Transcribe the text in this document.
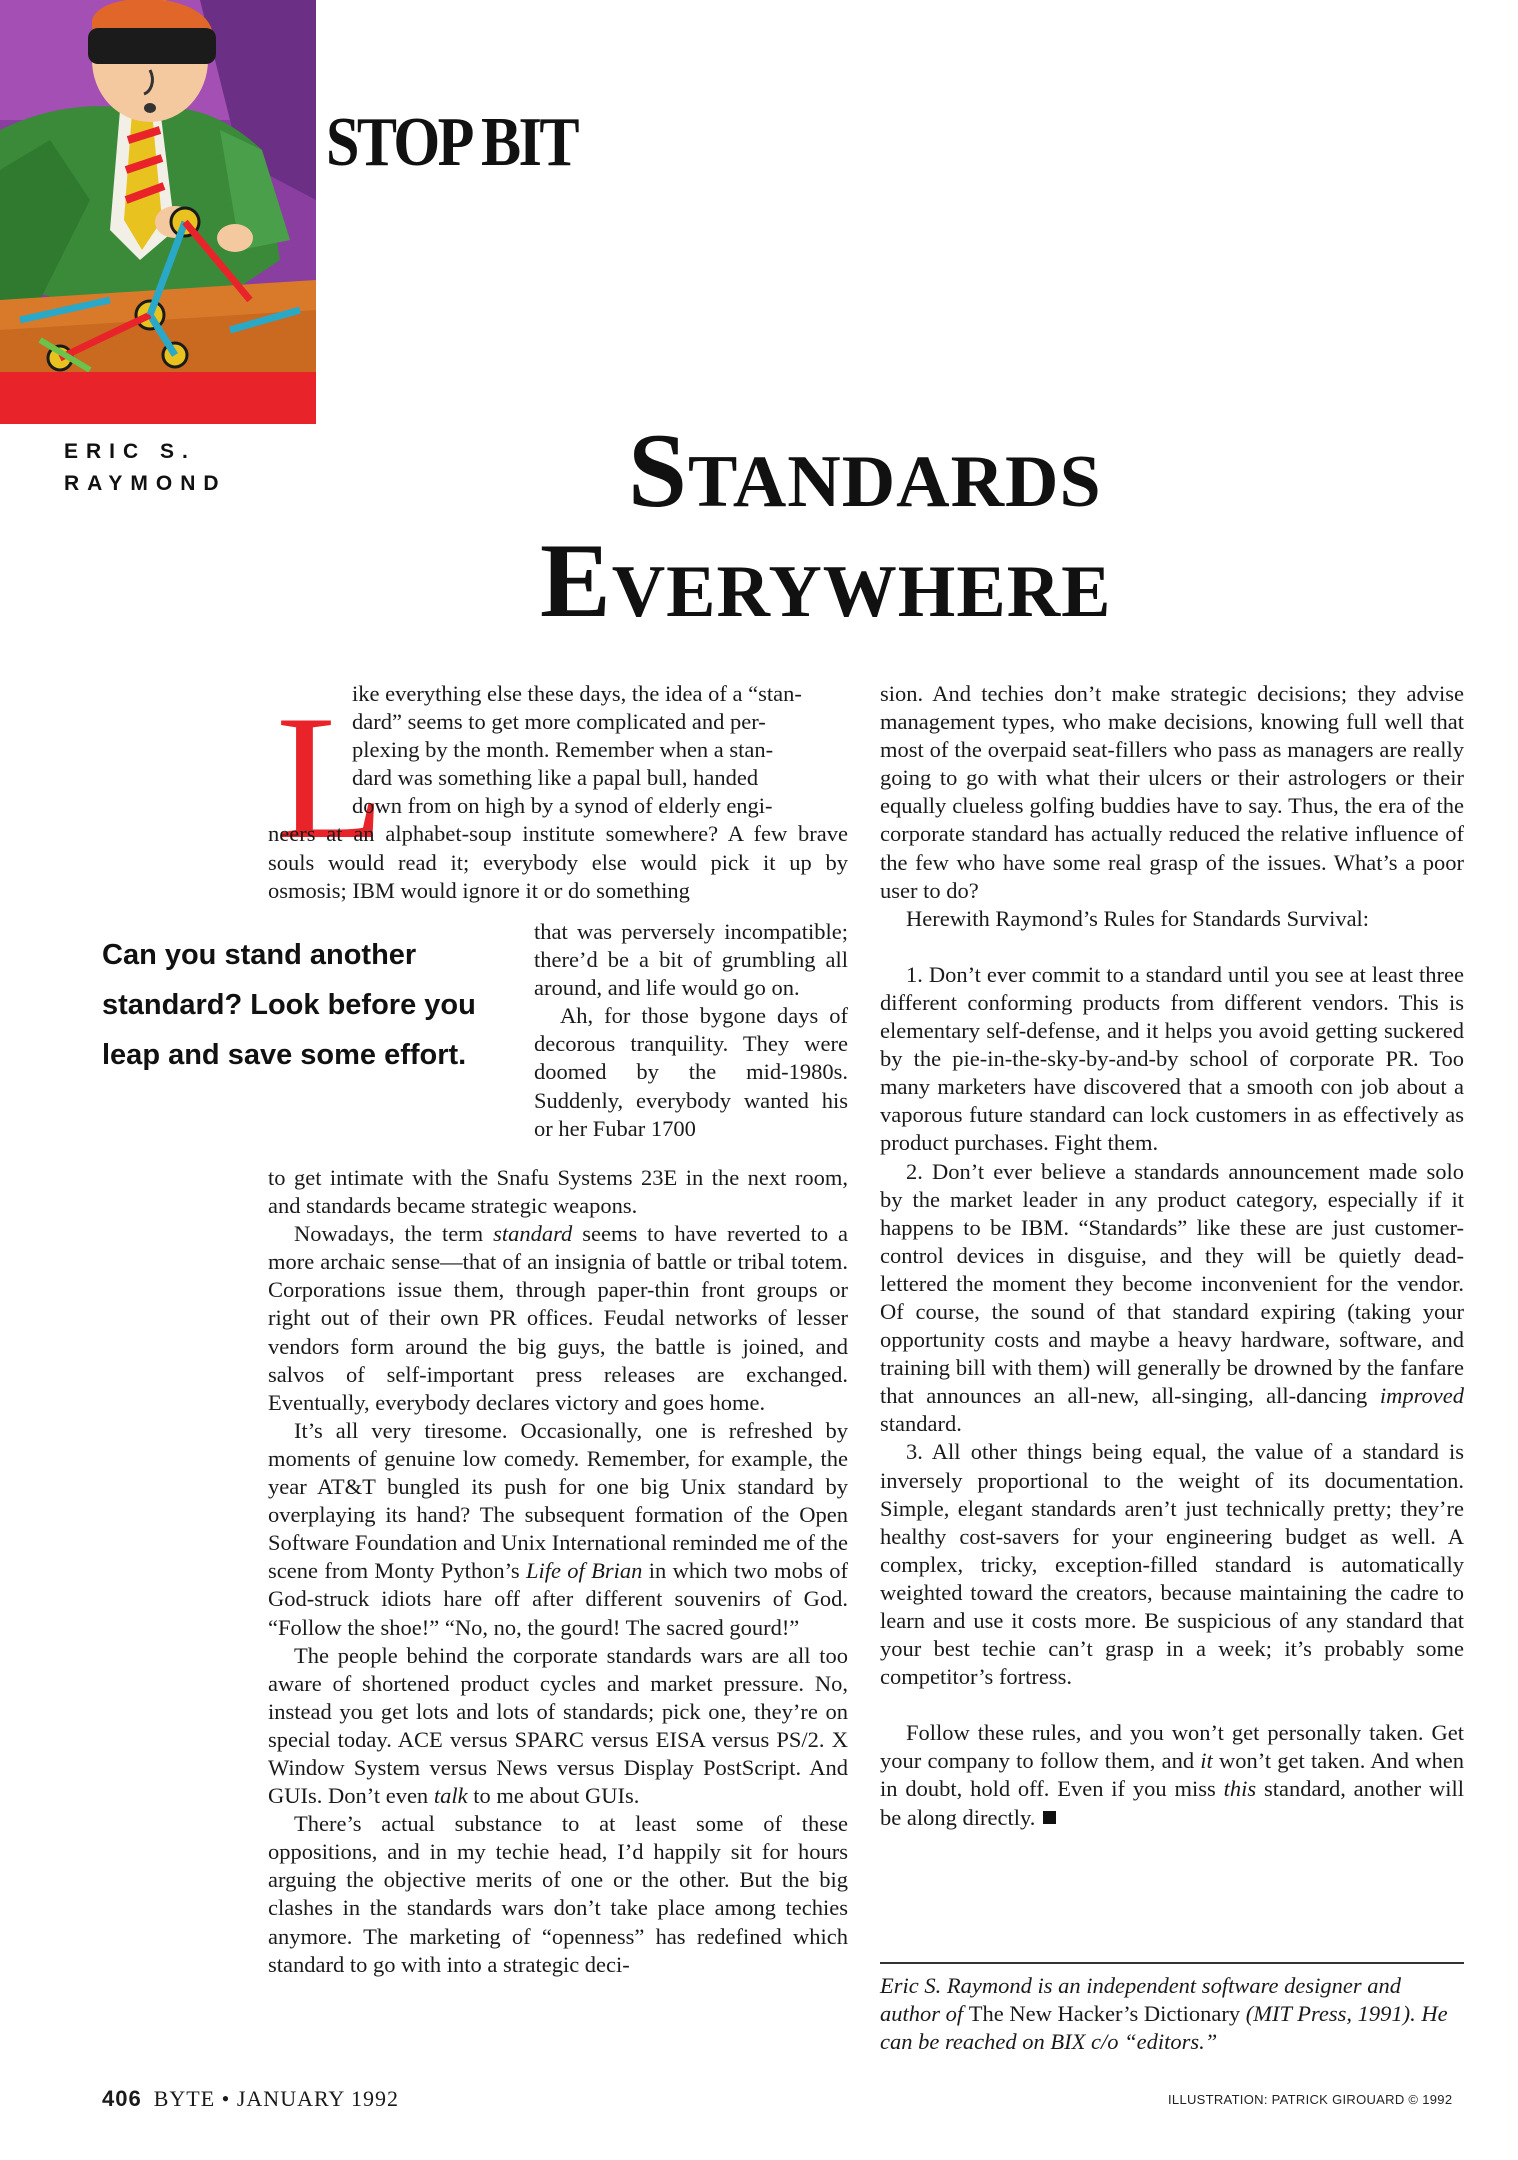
STOP BIT
ERIC S. RAYMOND	Standards
Everywhere
L

ike everything else these days, the idea of a “stan-
dard” seems to get more complicated and per-
plexing by the month. Remember when a stan-
dard was something like a papal bull, handed
down from on high by a synod of elderly engi-

neers at an alphabet-soup institute somewhere? A few brave souls would read it; everybody else would pick it up by osmosis; IBM would ignore it or do something

Can you stand another standard? Look before you leap and save some effort.

that was perversely incompatible; there’d be a bit of grumbling all around, and life would go on.

Ah, for those bygone days of decorous tranquility. They were doomed by the mid-1980s. Suddenly, everybody wanted his or her Fubar 1700

to get intimate with the Snafu Systems 23E in the next room, and standards became strategic weapons.

Nowadays, the term standard seems to have reverted to a more archaic sense—that of an insignia of battle or tribal totem. Corporations issue them, through paper-thin front groups or right out of their own PR offices. Feudal networks of lesser vendors form around the big guys, the battle is joined, and salvos of self-important press releases are exchanged. Eventually, everybody declares victory and goes home.

It’s all very tiresome. Occasionally, one is refreshed by moments of genuine low comedy. Remember, for example, the year AT&T bungled its push for one big Unix standard by overplaying its hand? The subsequent formation of the Open Software Foundation and Unix International reminded me of the scene from Monty Python’s Life of Brian in which two mobs of God-struck idiots hare off after different souvenirs of God. “Follow the shoe!” “No, no, the gourd! The sacred gourd!”

The people behind the corporate standards wars are all too aware of shortened product cycles and market pressure. No, instead you get lots and lots of standards; pick one, they’re on special today. ACE versus SPARC versus EISA versus PS/2. X Window System versus News versus Display PostScript. And GUIs. Don’t even talk to me about GUIs.

There’s actual substance to at least some of these oppositions, and in my techie head, I’d happily sit for hours arguing the objective merits of one or the other. But the big clashes in the standards wars don’t take place among techies anymore. The marketing of “openness” has redefined which standard to go with into a strategic deci-

sion. And techies don’t make strategic decisions; they advise management types, who make decisions, knowing full well that most of the overpaid seat-fillers who pass as managers are really going to go with what their ulcers or their astrologers or their equally clueless golfing buddies have to say. Thus, the era of the corporate standard has actually reduced the relative influence of the few who have some real grasp of the issues. What’s a poor user to do?

Herewith Raymond’s Rules for Standards Survival:

1. Don’t ever commit to a standard until you see at least three different conforming products from different vendors. This is elementary self-defense, and it helps you avoid getting suckered by the pie-in-the-sky-by-and-by school of corporate PR. Too many marketers have discovered that a smooth con job about a vaporous future standard can lock customers in as effectively as product purchases. Fight them.

2. Don’t ever believe a standards announcement made solo by the market leader in any product category, especially if it happens to be IBM. “Standards” like these are just customer-control devices in disguise, and they will be quietly dead-lettered the moment they become inconvenient for the vendor. Of course, the sound of that standard expiring (taking your opportunity costs and maybe a heavy hardware, software, and training bill with them) will generally be drowned by the fanfare that announces an all-new, all-singing, all-dancing improved standard.

3. All other things being equal, the value of a standard is inversely proportional to the weight of its documentation. Simple, elegant standards aren’t just technically pretty; they’re healthy cost-savers for your engineering budget as well. A complex, tricky, exception-filled standard is automatically weighted toward the creators, because maintaining the cadre to learn and use it costs more. Be suspicious of any standard that your best techie can’t grasp in a week; it’s probably some competitor’s fortress.

Follow these rules, and you won’t get personally taken. Get your company to follow them, and it won’t get taken. And when in doubt, hold off. Even if you miss this standard, another will be along directly.

Eric S. Raymond is an independent software designer and author of The New Hacker’s Dictionary (MIT Press, 1991). He can be reached on BIX c/o “editors.”
406 BYTE • JANUARY 1992	ILLUSTRATION: PATRICK GIROUARD © 1992
